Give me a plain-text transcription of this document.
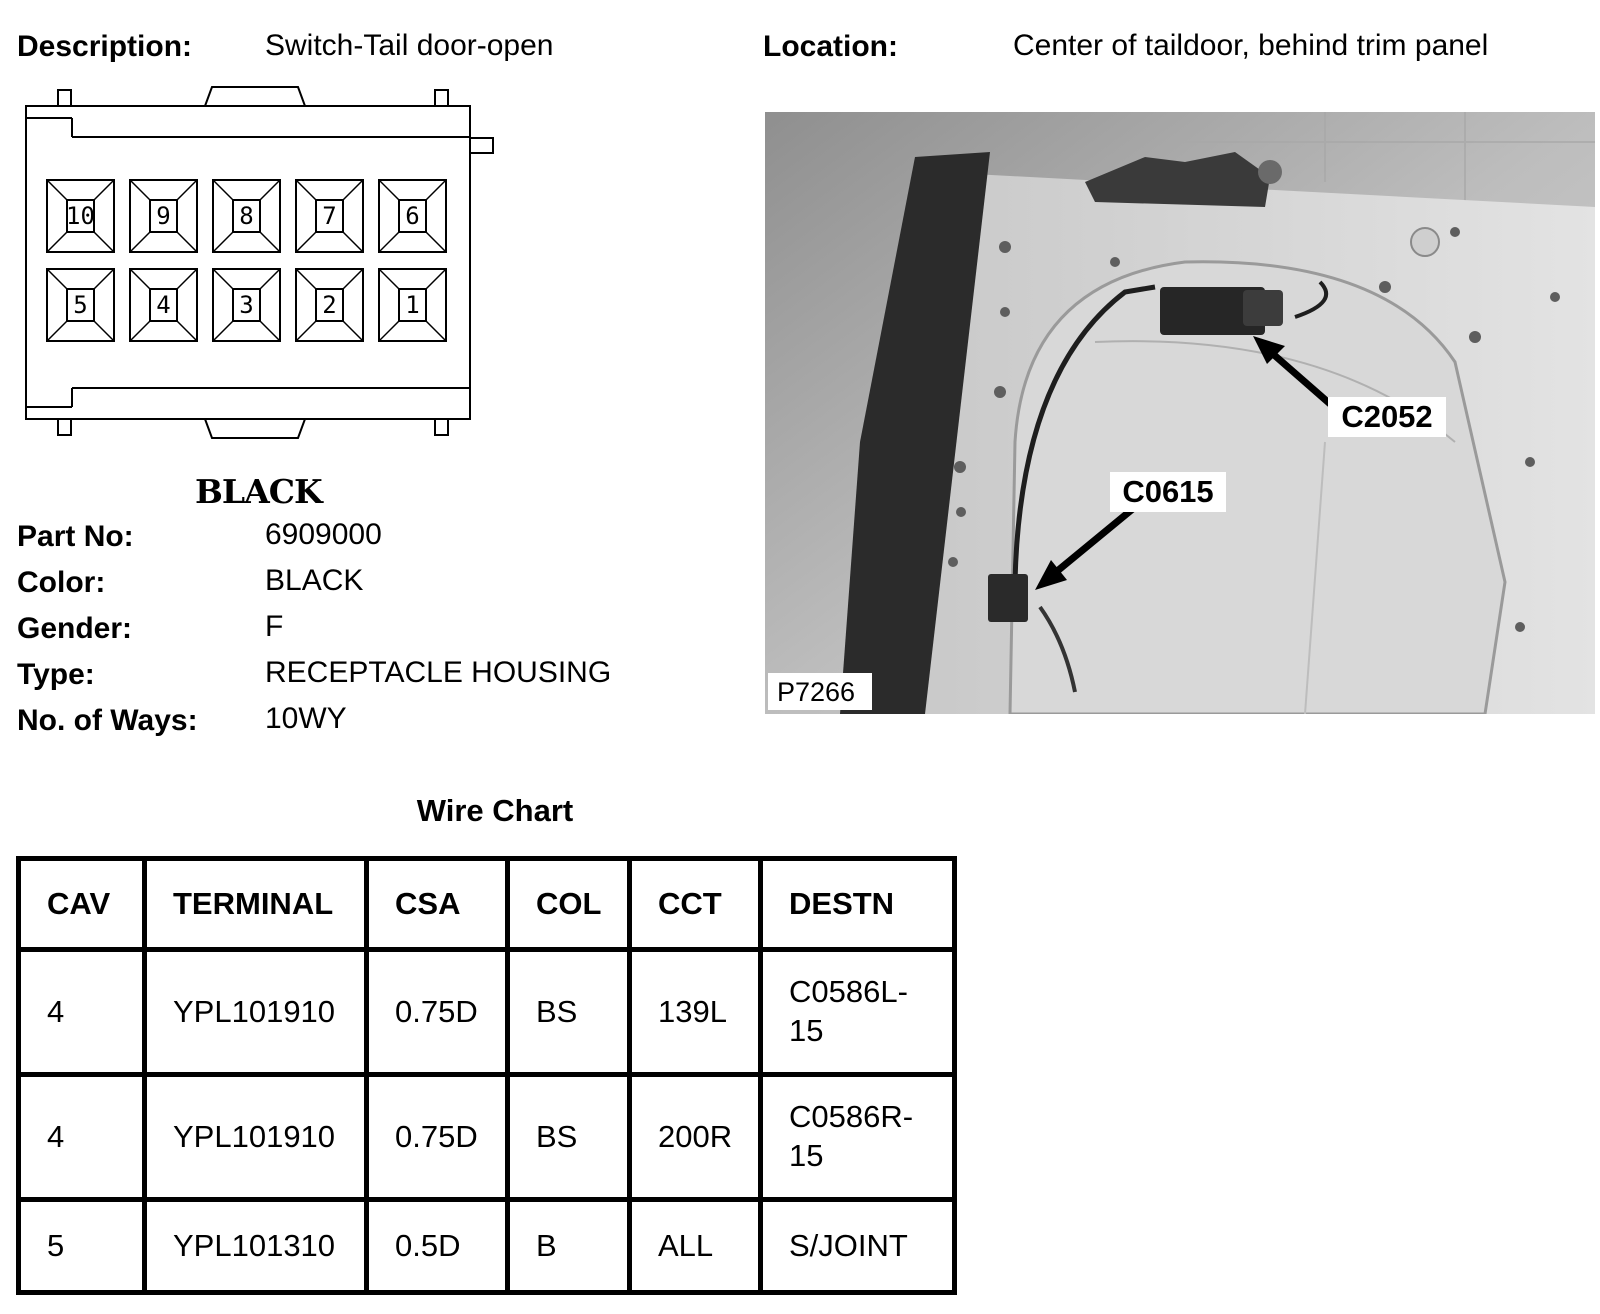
Description: Switch-Tail door-open	Location:	Center of taildoor, behind trim panel
10	9	8	7	6
5	4	3	2	1
BLACK
Part No:	6909000
Color:	BLACK
Gender:	F
Type:	RECEPTACLE HOUSING
No. of Ways: 10WY
C2052
C0615
P7266
Wire Chart
CAV	TERMINAL	CSA	COL	CCT	DESTN
4	YPL101910	0.75D	BS	139L	C0586L-
15
4	YPL101910	0.75D	BS	200R	C0586R-
15
5	YPL101310	0.5D	B	ALL	S/JOINT
